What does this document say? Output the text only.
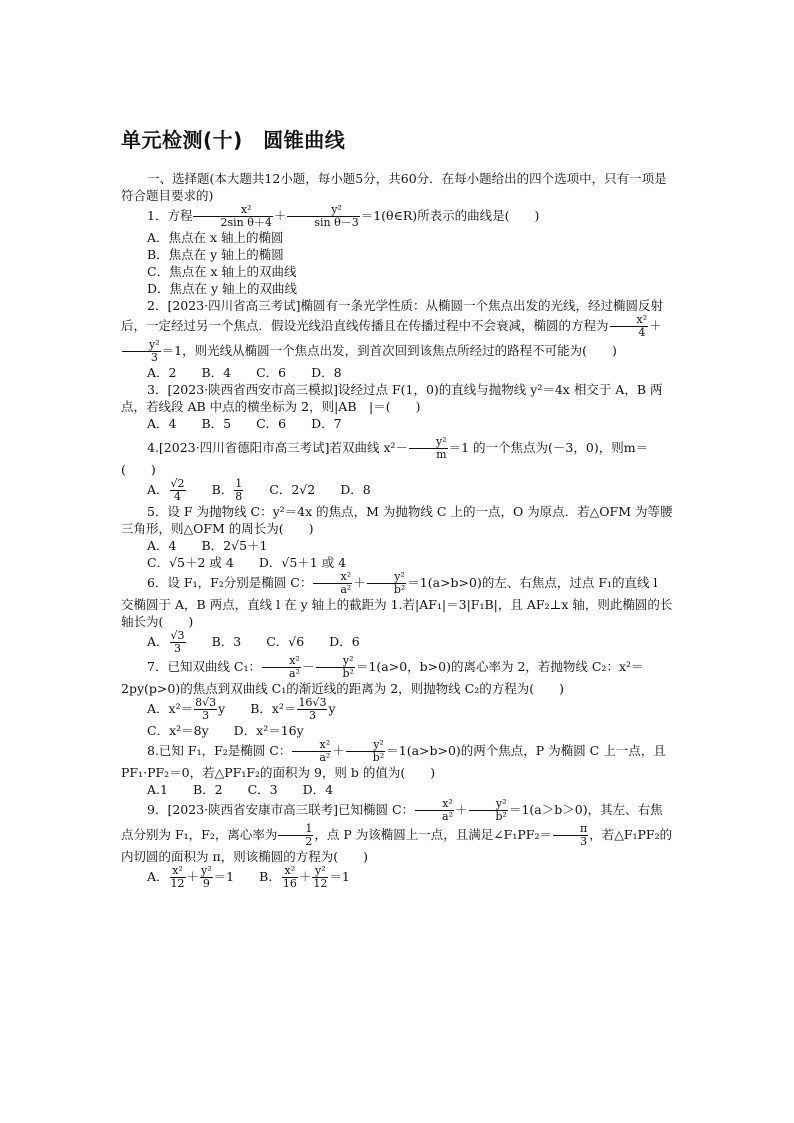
单元检测(十)　圆锥曲线

一、选择题(本大题共12小题，每小题5分，共60分．在每小题给出的四个选项中，只有一项是符合题目要求的)

1．方程 $\frac{\text{x²}}{\text{2sin θ＋4}} + \frac{\text{y²}}{\text{sin θ－3}}$ ＝1(θ∈R)所表示的曲线是(　　)

A．焦点在 x 轴上的椭圆

B．焦点在 y 轴上的椭圆

C．焦点在 x 轴上的双曲线

D．焦点在 y 轴上的双曲线

2．[2023·四川省高三考试]椭圆有一条光学性质：从椭圆一个焦点出发的光线，经过椭圆反射后，一定经过另一个焦点．假设光线沿直线传播且在传播过程中不会衰减，椭圆的方程为 $\frac{\text{x²}}{4}$ ＋
$\frac{\text{y²}}{3} =1$，则光线从椭圆一个焦点出发，到首次回到该焦点所经过的路程不可能为(　　)

A．2　　B．4　　C．6　　D．8

3．[2023·陕西省西安市高三模拟]设经过点 F(1，0)的直线与抛物线 y²＝4x 相交于 A，B 两点，若线段 AB 中点的横坐标为 2，则|AB　|＝(　　)

A．4　　B．5　　C．6　　D．7

4.[2023·四川省德阳市高三考试]若双曲线 $x^2- \frac{\text{y²}}{m} =1$ 的一个焦点为(－3，0)，则m＝(　　)

A． $\frac{√2}{4}$
　　 B． $\frac{1}{8}$
　　 C．2√2　　 D．8

5．设 F 为抛物线 C：y²＝4x 的焦点，M 为抛物线 C 上的一点，O 为原点．若△OFM 为等腰三角形，则△OFM 的周长为(　　)

A．4　　B．2√5＋1

C．√5＋2 或 4　　D．√5＋1 或 4

6．设 F₁，F₂分别是椭圆 C： $\frac{\text{x²}}{\text{a²}} + \frac{\text{y²}}{\text{b²}} =1(a>b>0)$的左、右焦点，过点 F₁的直线 l 交椭圆于 A，B 两点，直线 l 在 y 轴上的截距为 1.若|AF₁|＝3|F₁B|，且 AF₂⊥x 轴，则此椭圆的长轴长为(　　)

A． $\frac{√3}{3}$
　　 B．3　　C．√6　　D．6

7．已知双曲线 C₁： $\frac{\text{x²}}{\text{a²}} - \frac{\text{y²}}{\text{b²}} =1(a>0$，b>0)的离心率为 2，若抛物线 C₂：x²＝2py(p>0)的焦点到双曲线 C₁的渐近线的距离为 2，则抛物线 C₂的方程为(　　)

A．$x^2= \frac{8√3}{3}$ y　　 B．$x^2= \frac{16√3}{3}$ y

C．x²＝8y　　D．x²＝16y

8.已知 F₁，F₂是椭圆 C： $\frac{\text{x²}}{\text{a²}} + \frac{\text{y²}}{\text{b²}} =1(a>b>0)$的两个焦点，P 为椭圆 C 上一点，且 PF₁·PF₂＝0，若△PF₁F₂的面积为 9，则 b 的值为(　　)

A.1　　B．2　　C．3　　D．4

9．[2023·陕西省安康市高三联考]已知椭圆 C： $\frac{\text{x²}}{\text{a²}} + \frac{\text{y²}}{\text{b²}} =1(a>b>0)$，其左、右焦点分别为 F₁，F₂，离心率为 $\frac{1}{2}$ ，点 P 为该椭圆上一点，且满足∠F₁PF₂＝ $\frac{\pi}{3}$ ，若△F₁PF₂的内切圆的面积为 π，则该椭圆的方程为(　　)

A． $\frac{\text{x²}}{12} + \frac{\text{y²}}{9} =1$　　 B． $\frac{\text{x²}}{16} + \frac{\text{y²}}{12} =1$
